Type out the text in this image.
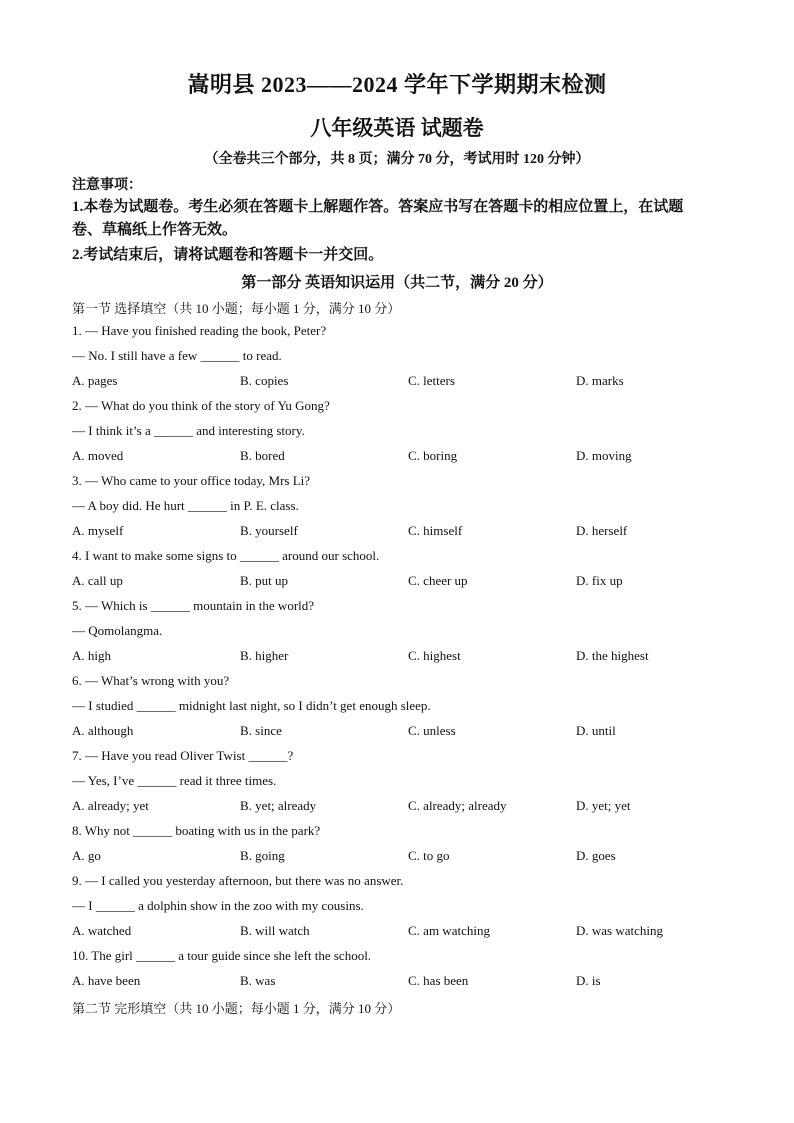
嵩明县 2023——2024 学年下学期期末检测
八年级英语 试题卷
（全卷共三个部分，共 8 页；满分 70 分，考试用时 120 分钟）
注意事项：
1.本卷为试题卷。考生必须在答题卡上解题作答。答案应书写在答题卡的相应位置上，在试题
卷、草稿纸上作答无效。
2.考试结束后，请将试题卷和答题卡一并交回。
第一部分 英语知识运用（共二节，满分 20 分）
第一节 选择填空（共 10 小题；每小题 1 分，满分 10 分）
1. — Have you finished reading the book, Peter?
— No. I still have a few ______ to read.
A. pages	B. copies	C. letters	D. marks
2. — What do you think of the story of Yu Gong?
— I think it’s a ______ and interesting story.
A. moved	B. bored	C. boring	D. moving
3. — Who came to your office today, Mrs Li?
— A boy did. He hurt ______ in P. E. class.
A. myself	B. yourself	C. himself	D. herself
4. I want to make some signs to ______ around our school.
A. call up	B. put up	C. cheer up	D. fix up
5. — Which is ______ mountain in the world?
— Qomolangma.
A. high	B. higher	C. highest	D. the highest
6. — What’s wrong with you?
— I studied ______ midnight last night, so I didn’t get enough sleep.
A. although	B. since	C. unless	D. until
7. — Have you read Oliver Twist ______?
— Yes, I’ve ______ read it three times.
A. already; yet	B. yet; already	C. already; already	D. yet; yet
8. Why not ______ boating with us in the park?
A. go	B. going	C. to go	D. goes
9. — I called you yesterday afternoon, but there was no answer.
— I ______ a dolphin show in the zoo with my cousins.
A. watched	B. will watch	C. am watching	D. was watching
10. The girl ______ a tour guide since she left the school.
A. have been	B. was	C. has been	D. is
第二节 完形填空（共 10 小题；每小题 1 分，满分 10 分）
